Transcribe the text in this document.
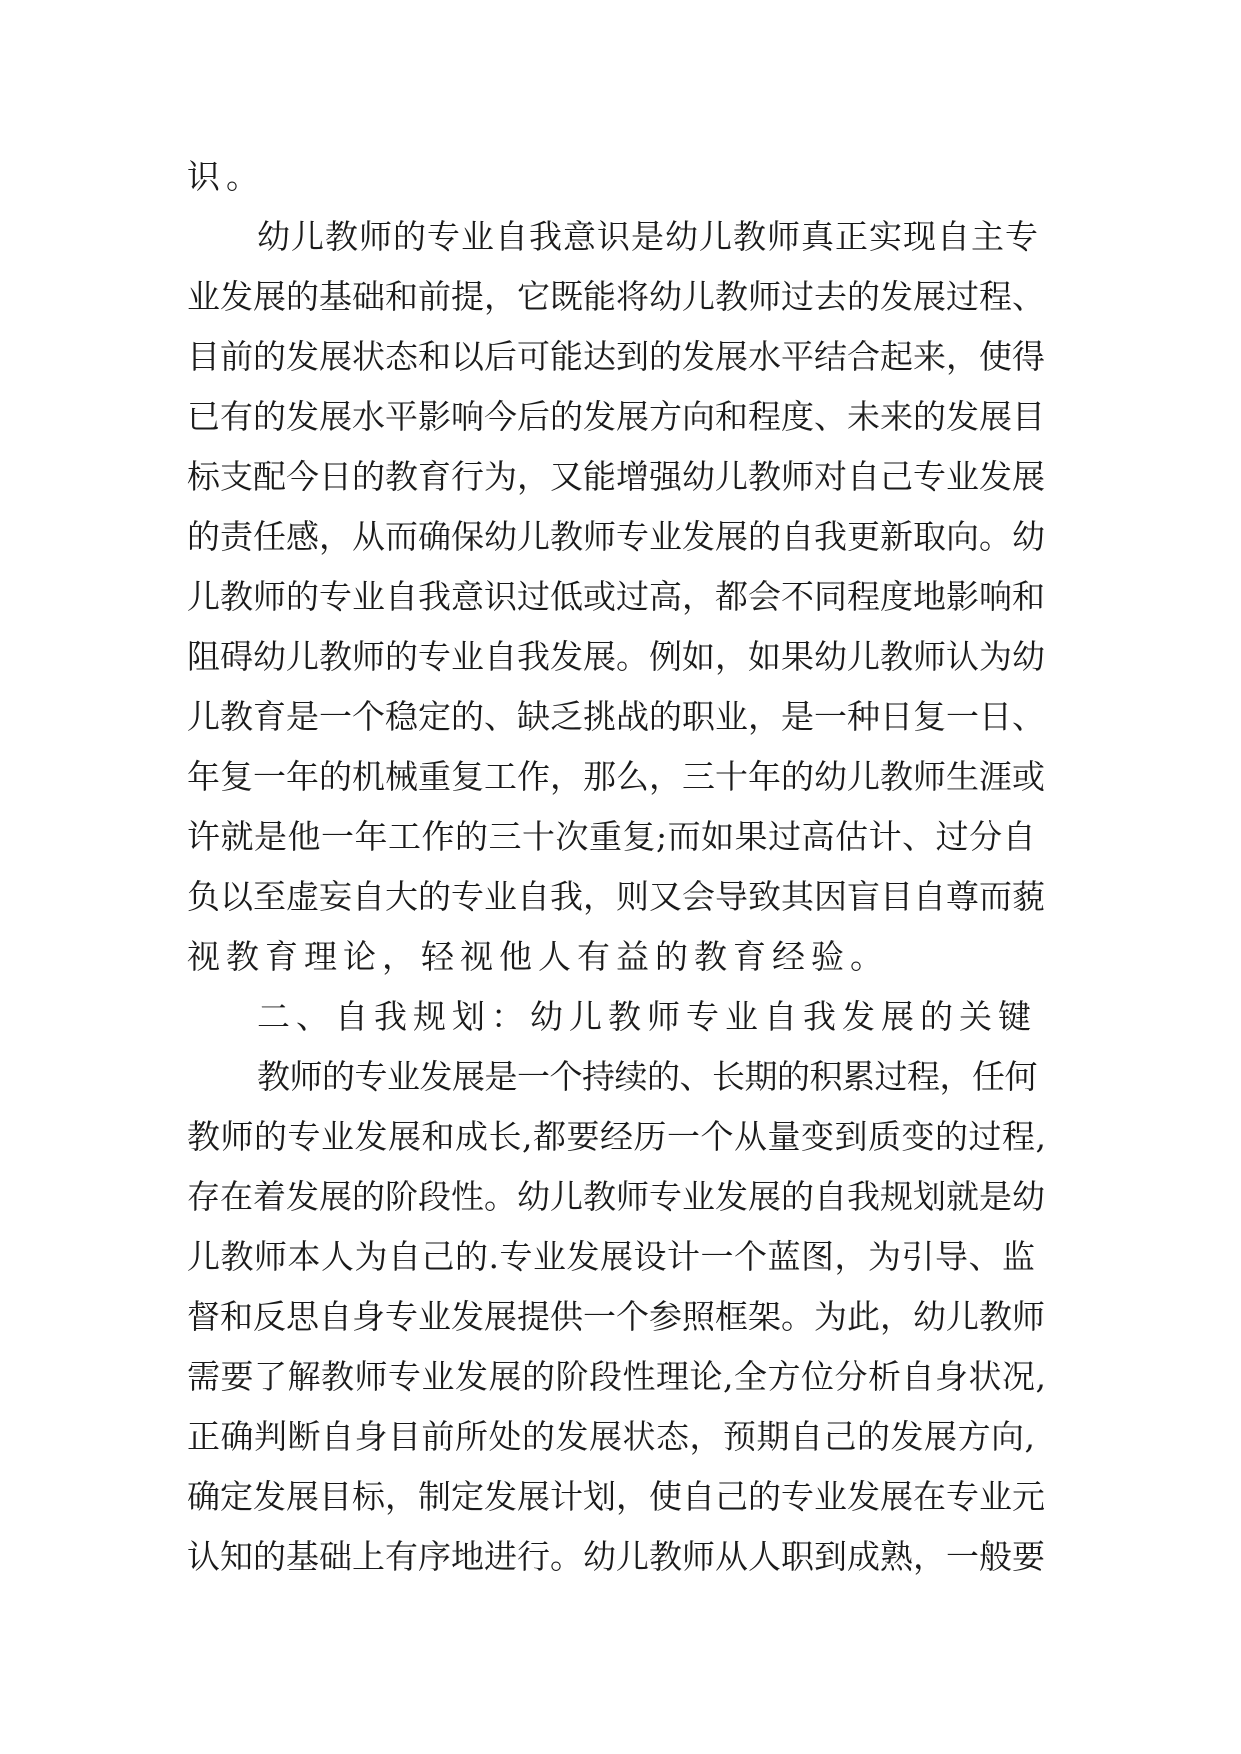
识。
幼儿教师的专业自我意识是幼儿教师真正实现自主专
业发展的基础和前提，它既能将幼儿教师过去的发展过程、
目前的发展状态和以后可能达到的发展水平结合起来，使得
已有的发展水平影响今后的发展方向和程度、未来的发展目
标支配今日的教育行为，又能增强幼儿教师对自己专业发展
的责任感，从而确保幼儿教师专业发展的自我更新取向。幼
儿教师的专业自我意识过低或过高，都会不同程度地影响和
阻碍幼儿教师的专业自我发展。例如，如果幼儿教师认为幼
儿教育是一个稳定的、缺乏挑战的职业，是一种日复一日、
年复一年的机械重复工作，那么，三十年的幼儿教师生涯或
许就是他一年工作的三十次重复;而如果过高估计、过分自
负以至虚妄自大的专业自我，则又会导致其因盲目自尊而藐
视教育理论，轻视他人有益的教育经验。
二、自我规划：幼儿教师专业自我发展的关键
教师的专业发展是一个持续的、长期的积累过程，任何
教师的专业发展和成长,都要经历一个从量变到质变的过程,
存在着发展的阶段性。幼儿教师专业发展的自我规划就是幼
儿教师本人为自己的.专业发展设计一个蓝图，为引导、监
督和反思自身专业发展提供一个参照框架。为此，幼儿教师
需要了解教师专业发展的阶段性理论,全方位分析自身状况,
正确判断自身目前所处的发展状态，预期自己的发展方向,
确定发展目标，制定发展计划，使自己的专业发展在专业元
认知的基础上有序地进行。幼儿教师从人职到成熟，一般要
